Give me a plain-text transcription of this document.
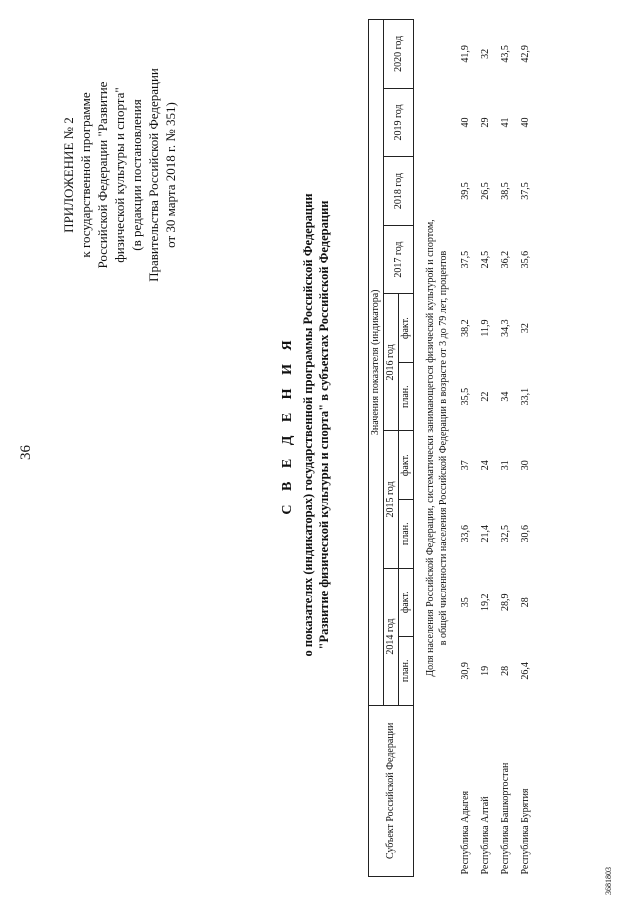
36
ПРИЛОЖЕНИЕ № 2 к государственной программе Российской Федерации "Развитие физической культуры и спорта" (в редакции постановления Правительства Российской Федерации от 30 марта 2018 г. № 351)
С В Е Д Е Н И Я о показателях (индикаторах) государственной программы Российской Федерации "Развитие физической культуры и спорта" в субъектах Российской Федерации
Субъект Российской Федерации	Значения показателя (индикатора)									
	2014 год		2015 год		2016 год		2017 год	2018 год	2019 год	2020 год
	план.	факт.	план.	факт.	план.	факт.				

Доля населения Российской Федерации, систематически занимающегося физической культурой и спортом, в общей численности населения Российской Федерации в возрасте от 3 до 79 лет, процентов										

Республика Адыгея	30,9	35	33,6	37	35,5	38,2	37,5	39,5	40	41,9
Республика Алтай	19	19,2	21,4	24	22	11,9	24,5	26,5	29	32
Республика Башкортостан	28	28,9	32,5	31	34	34,3	36,2	38,5	41	43,5
Республика Бурятия	26,4	28	30,6	30	33,1	32	35,6	37,5	40	42,9
3681803
